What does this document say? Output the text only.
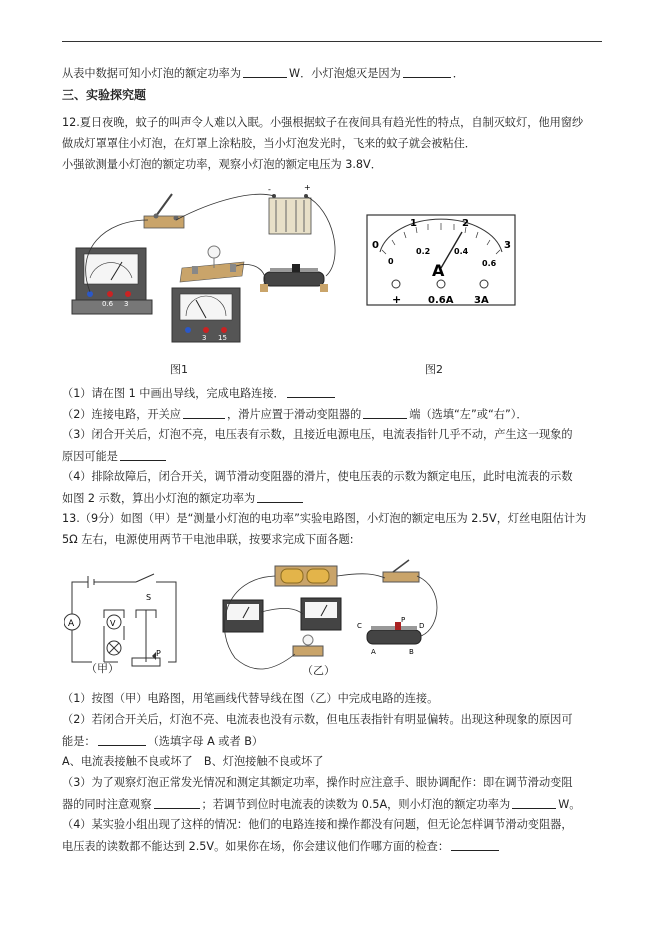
从表中数据可知小灯泡的额定功率为	W．小灯泡熄灭是因为	．
三、实验探究题
12.夏日夜晚，蚊子的叫声令人难以入眠。小强根据蚊子在夜间具有趋光性的特点，自制灭蚊灯，他用窗纱
做成灯罩罩住小灯泡，在灯罩上涂粘胶，当小灯泡发光时，飞来的蚊子就会被粘住．
小强欲测量小灯泡的额定功率，观察小灯泡的额定电压为 3.8V．
-	+
0.6 3
3 15
0
1	2
3
0
0.2	0.4
0.6
A
+	0.6A 3A
图1	图2
（1）请在图 1 中画出导线，完成电路连接．
（2）连接电路，开关应	，滑片应置于滑动变阻器的	端（选填“左”或“右”）．
（3）闭合开关后，灯泡不亮，电压表有示数，且接近电源电压，电流表指针几乎不动，产生这一现象的
原因可能是
（4）排除故障后，闭合开关，调节滑动变阻器的滑片，使电压表的示数为额定电压，此时电流表的示数
如图 2 示数，算出小灯泡的额定功率为
13.（9分）如图（甲）是“测量小灯泡的电功率”实验电路图，小灯泡的额定电压为 2.5V，灯丝电阻估计为
5Ω 左右，电源使用两节干电池串联，按要求完成下面各题:
A	V
S
P
（甲）
C	D
P
A	B
（乙）
（1）按图（甲）电路图，用笔画线代替导线在图（乙）中完成电路的连接。
（2）若闭合开关后，灯泡不亮、电流表也没有示数，但电压表指针有明显偏转。出现这种现象的原因可
能是：	（选填字母 A 或者 B）
A、电流表接触不良或坏了　B、灯泡接触不良或坏了
（3）为了观察灯泡正常发光情况和测定其额定功率，操作时应注意手、眼协调配作：即在调节滑动变阻
器的同时注意观察	；若调节到位时电流表的读数为 0.5A，则小灯泡的额定功率为	W。
（4）某实验小组出现了这样的情况：他们的电路连接和操作都没有问题，但无论怎样调节滑动变阻器，
电压表的读数都不能达到 2.5V。如果你在场，你会建议他们作哪方面的检查：
